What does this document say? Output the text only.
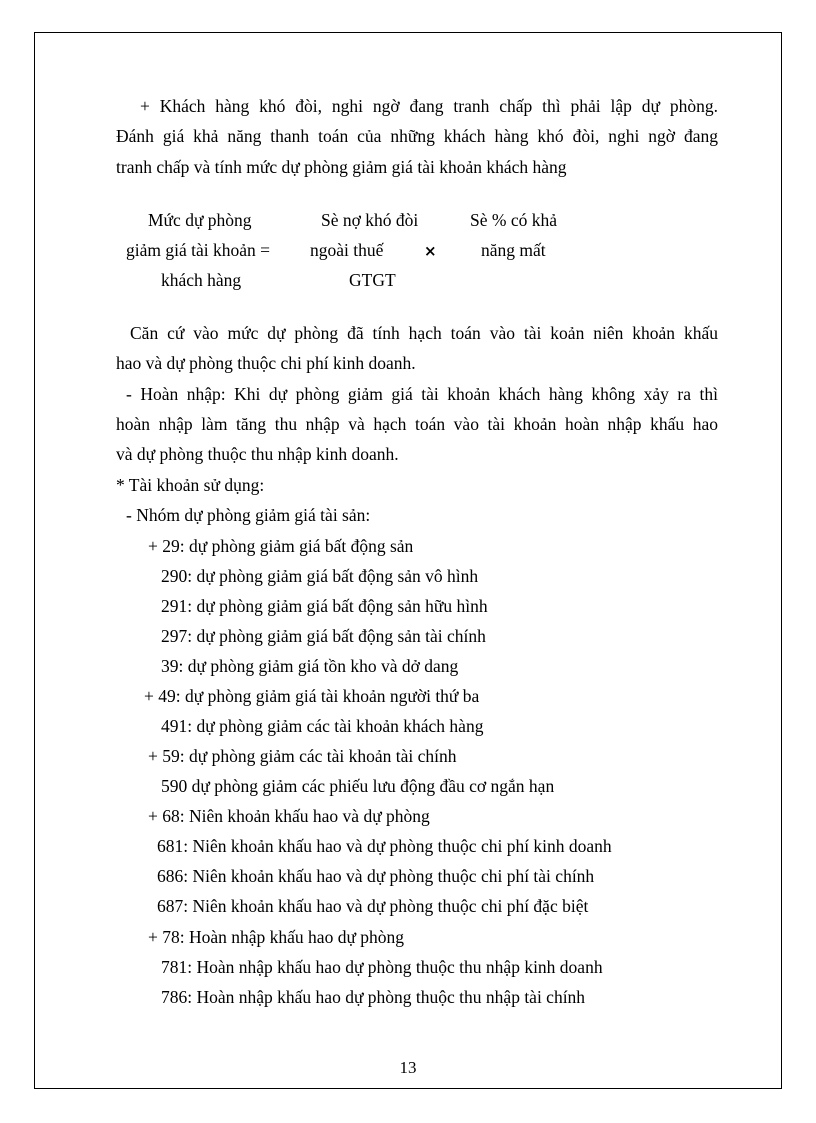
+ Khách hàng khó đòi, nghi ngờ đang tranh chấp thì phải lập dự phòng.
Đánh giá khả năng thanh toán của những khách hàng khó đòi, nghi ngờ đang
tranh chấp và tính mức dự phòng giảm giá tài khoản khách hàng
Mức dự phòng
giảm giá tài khoản =
khách hàng
Sè nợ khó đòi
ngoài thuế
GTGT
×
Sè % có khả
năng mất
Căn cứ vào mức dự phòng đã tính hạch toán vào tài koản niên khoản khấu
hao và dự phòng thuộc chi phí kinh doanh.
- Hoàn nhập: Khi dự phòng giảm giá tài khoản khách hàng không xảy ra thì
hoàn nhập làm tăng thu nhập và hạch toán vào tài khoản hoàn nhập khấu hao
và dự phòng thuộc thu nhập kinh doanh.
* Tài khoản sử dụng:
- Nhóm dự phòng giảm giá tài sản:
+ 29: dự phòng giảm giá bất động sản
290: dự phòng giảm giá bất động sản vô hình
291: dự phòng giảm giá bất động sản hữu hình
297: dự phòng giảm giá bất động sản tài chính
39: dự phòng giảm giá tồn kho và dở dang
+ 49: dự phòng giảm giá tài khoản người thứ ba
491: dự phòng giảm các tài khoản khách hàng
+ 59: dự phòng giảm các tài khoản tài chính
590 dự phòng giảm các phiếu lưu động đầu cơ ngắn hạn
+ 68: Niên khoản khấu hao và dự phòng
681: Niên khoản khấu hao và dự phòng thuộc chi phí kinh doanh
686: Niên khoản khấu hao và dự phòng thuộc chi phí tài chính
687: Niên khoản khấu hao và dự phòng thuộc chi phí đặc biệt
+ 78: Hoàn nhập khấu hao dự phòng
781: Hoàn nhập khấu hao dự phòng thuộc thu nhập kinh doanh
786: Hoàn nhập khấu hao dự phòng thuộc thu nhập tài chính
13
